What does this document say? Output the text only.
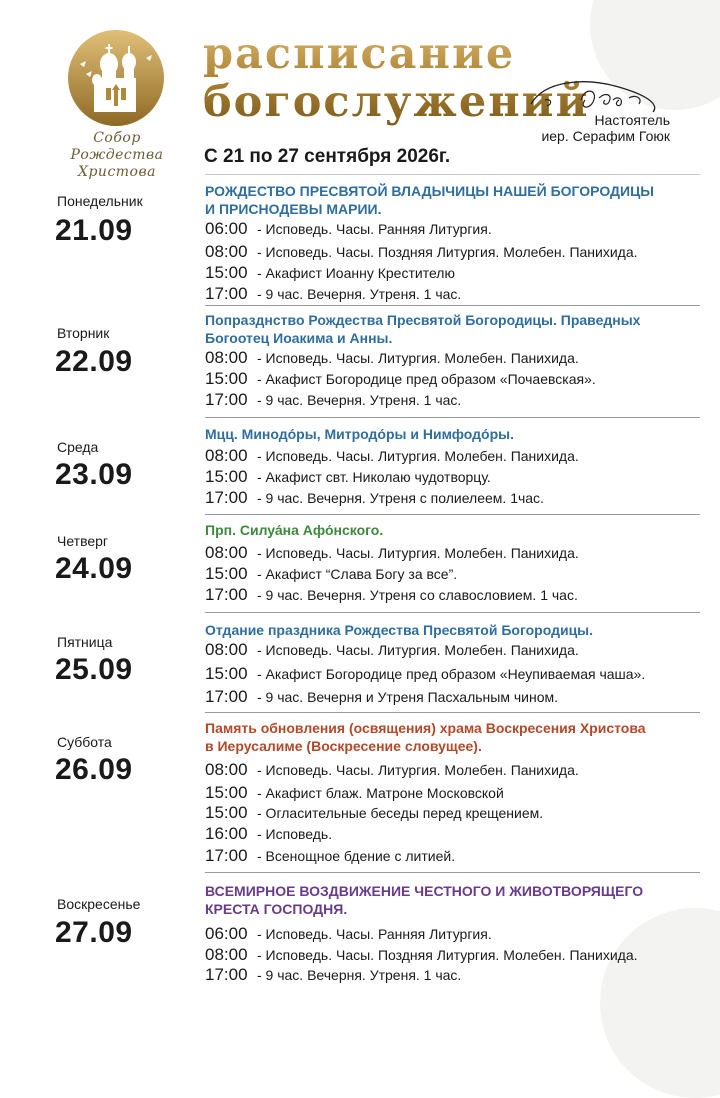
Собор Рождества
Христова
расписание
богослужений
С 21 по 27 сентября 2026г.
Настоятель
иер. Серафим Гоюк
Понедельник
21.09
РОЖДЕСТВО ПРЕСВЯТОЙ ВЛАДЫЧИЦЫ НАШЕЙ БОГОРОДИЦЫ
И ПРИСНОДЕВЫ МАРИИ.
06:00 - Исповедь. Часы. Ранняя Литургия.
08:00 - Исповедь. Часы. Поздняя Литургия. Молебен. Панихида.
15:00 - Акафист Иоанну Крестителю
17:00 - 9 час. Вечерня. Утреня. 1 час.
Вторник
22.09
Попразднство Рождества Пресвятой Богородицы. Праведных
Богоотец Иоакима и Анны.
08:00 - Исповедь. Часы. Литургия. Молебен. Панихида.
15:00 - Акафист Богородице пред образом «Почаевская».
17:00 - 9 час. Вечерня. Утреня. 1 час.
Среда
23.09
Мцц. Минодо́ры, Митродо́ры и Нимфодо́ры.
08:00 - Исповедь. Часы. Литургия. Молебен. Панихида.
15:00 - Акафист свт. Николаю чудотворцу.
17:00 - 9 час. Вечерня. Утреня с полиелеем. 1час.
Четверг
24.09
Прп. Силуа́на Афо́нского.
08:00 - Исповедь. Часы. Литургия. Молебен. Панихида.
15:00 - Акафист “Слава Богу за все”.
17:00 - 9 час. Вечерня. Утреня со славословием. 1 час.
Пятница
25.09
Отдание праздника Рождества Пресвятой Богородицы.
08:00 - Исповедь. Часы. Литургия. Молебен. Панихида.
15:00 - Акафист Богородице пред образом «Неупиваемая чаша».
17:00 - 9 час. Вечерня и Утреня Пасхальным чином.
Суббота
26.09
Память обновления (освящения) храма Воскресения Христова
в Иерусалиме (Воскресение словущее).
08:00 - Исповедь. Часы. Литургия. Молебен. Панихида.
15:00 - Акафист блаж. Матроне Московской
15:00 - Огласительные беседы перед крещением.
16:00 - Исповедь.
17:00 - Всенощное бдение с литией.
Воскресенье
27.09
ВСЕМИРНОЕ ВОЗДВИЖЕНИЕ ЧЕСТНОГО И ЖИВОТВОРЯЩЕГО
КРЕСТА ГОСПОДНЯ.
06:00 - Исповедь. Часы. Ранняя Литургия.
08:00 - Исповедь. Часы. Поздняя Литургия. Молебен. Панихида.
17:00 - 9 час. Вечерня. Утреня. 1 час.
